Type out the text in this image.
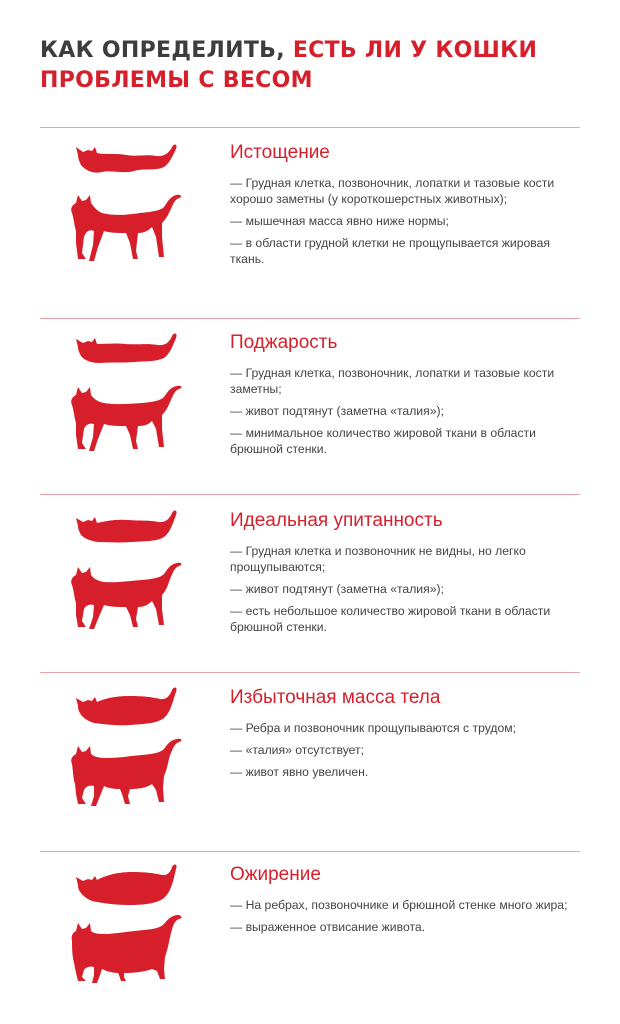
КАК ОПРЕДЕЛИТЬ, ЕСТЬ ЛИ У КОШКИ
ПРОБЛЕМЫ С ВЕСОМ
Истощение
— Грудная клетка, позвоночник, лопатки и тазовые кости хорошо заметны (у короткошерстных животных);
— мышечная масса явно ниже нормы;
— в области грудной клетки не прощупывается жировая ткань.
Поджарость
— Грудная клетка, позвоночник, лопатки и тазовые кости заметны;
— живот подтянут (заметна «талия»);
— минимальное количество жировой ткани в области брюшной стенки.
Идеальная упитанность
— Грудная клетка и позвоночник не видны, но легко прощупываются;
— живот подтянут (заметна «талия»);
— есть небольшое количество жировой ткани в области брюшной стенки.
Избыточная масса тела
— Ребра и позвоночник прощупываются с трудом;
— «талия» отсутствует;
— живот явно увеличен.
Ожирение
— На ребрах, позвоночнике и брюшной стенке много жира;
— выраженное отвисание живота.
